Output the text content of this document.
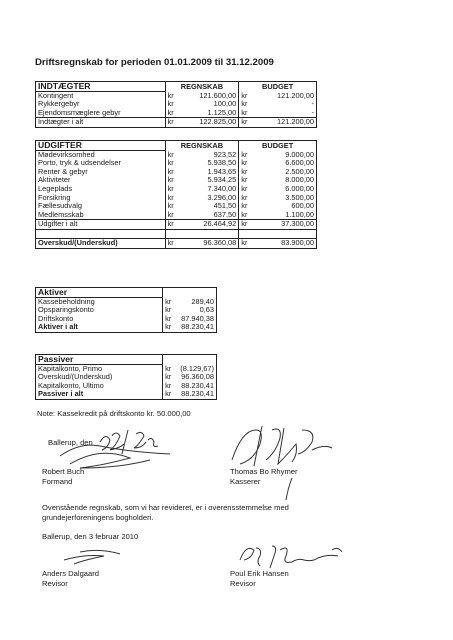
Driftsregnskab for perioden 01.01.2009 til 31.12.2009
INDTÆGTER	REGNSKAB		BUDGET	
Kontingent	kr	121.600,00	kr	121.200,00
Rykkergebyr	kr	100,00	kr	-
Ejendomsmæglere gebyr	kr	1.125,00	kr	-
Indtægter i alt	kr	122.825,00	kr	121.200,00
UDGIFTER	REGNSKAB		BUDGET	
Mødevirksomhed	kr	923,52	kr	9.000,00
Porto, tryk & udsendelser	kr	5.938,50	kr	6.600,00
Renter & gebyr	kr	1.943,65	kr	2.500,00
Aktiviteter	kr	5.934,25	kr	8.000,00
Legeplads	kr	7.340,00	kr	6.000,00
Forsikring	kr	3.296,00	kr	3.500,00
Fællesudvalg	kr	451,50	kr	600,00
Medlemsskab	kr	637,50	kr	1.100,00
Udgifter i alt	kr	26.464,92	kr	37.300,00

Overskud/(Underskud)	kr	96.360,08	kr	83.900,00
Aktiver		
Kassebeholdning	kr	289,40
Opsparingskonto	kr	0,63
Driftskonto	kr	87.940,38
Aktiver i alt	kr	88.230,41
Passiver		
Kapitalkonto, Primo	kr	(8.129,67)
Overskud/(Underskud)	kr	96.360,08
Kapitalkonto, Ultimo	kr	88.230,41
Passiver i alt	kr	88.230,41
Note: Kassekredit på driftskonto kr. 50.000,00
Ballerup, den
Robert Buch
Formand
Thomas Bo Rhymer
Kasserer
Ovenstående regnskab, som vi har revideret, er i overensstemmelse med grundejerforeningens bogholderi.
Ballerup, den 3 februar 2010
Anders Dalgaard
Revisor
Poul Erik Hansen
Revisor
